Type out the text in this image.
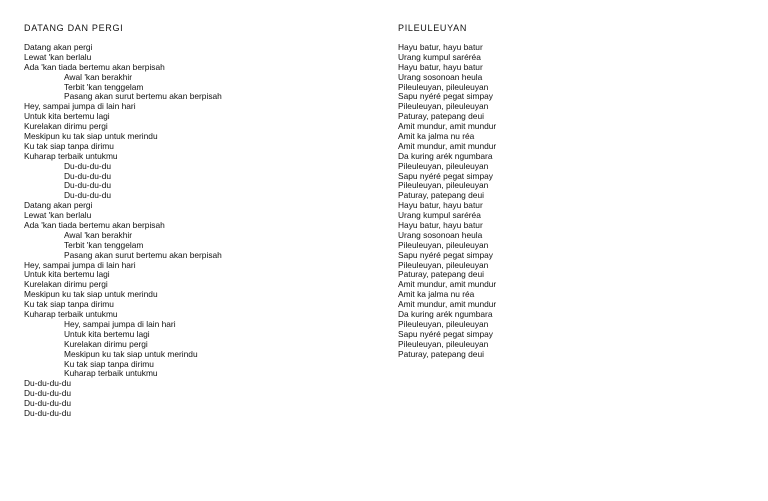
DATANG DAN PERGI
Datang akan pergi
Lewat 'kan berlalu
Ada 'kan tiada bertemu akan berpisah
Awal 'kan berakhir
Terbit 'kan tenggelam
Pasang akan surut bertemu akan berpisah
Hey, sampai jumpa di lain hari
Untuk kita bertemu lagi
Kurelakan dirimu pergi
Meskipun ku tak siap untuk merindu
Ku tak siap tanpa dirimu
Kuharap terbaik untukmu
Du-du-du-du
Du-du-du-du
Du-du-du-du
Du-du-du-du
Datang akan pergi
Lewat 'kan berlalu
Ada 'kan tiada bertemu akan berpisah
Awal 'kan berakhir
Terbit 'kan tenggelam
Pasang akan surut bertemu akan berpisah
Hey, sampai jumpa di lain hari
Untuk kita bertemu lagi
Kurelakan dirimu pergi
Meskipun ku tak siap untuk merindu
Ku tak siap tanpa dirimu
Kuharap terbaik untukmu
Hey, sampai jumpa di lain hari
Untuk kita bertemu lagi
Kurelakan dirimu pergi
Meskipun ku tak siap untuk merindu
Ku tak siap tanpa dirimu
Kuharap terbaik untukmu
Du-du-du-du
Du-du-du-du
Du-du-du-du
Du-du-du-du
PILEULEUYAN
Hayu batur, hayu batur
Urang kumpul saréréa
Hayu batur, hayu batur
Urang sosonoan heula
Pileuleuyan, pileuleuyan
Sapu nyéré pegat simpay
Pileuleuyan, pileuleuyan
Paturay, patepang deui
Amit mundur, amit mundur
Amit ka jalma nu réa
Amit mundur, amit mundur
Da kuring arék ngumbara
Pileuleuyan, pileuleuyan
Sapu nyéré pegat simpay
Pileuleuyan, pileuleuyan
Paturay, patepang deui
Hayu batur, hayu batur
Urang kumpul saréréa
Hayu batur, hayu batur
Urang sosonoan heula
Pileuleuyan, pileuleuyan
Sapu nyéré pegat simpay
Pileuleuyan, pileuleuyan
Paturay, patepang deui
Amit mundur, amit mundur
Amit ka jalma nu réa
Amit mundur, amit mundur
Da kuring arék ngumbara
Pileuleuyan, pileuleuyan
Sapu nyéré pegat simpay
Pileuleuyan, pileuleuyan
Paturay, patepang deui
